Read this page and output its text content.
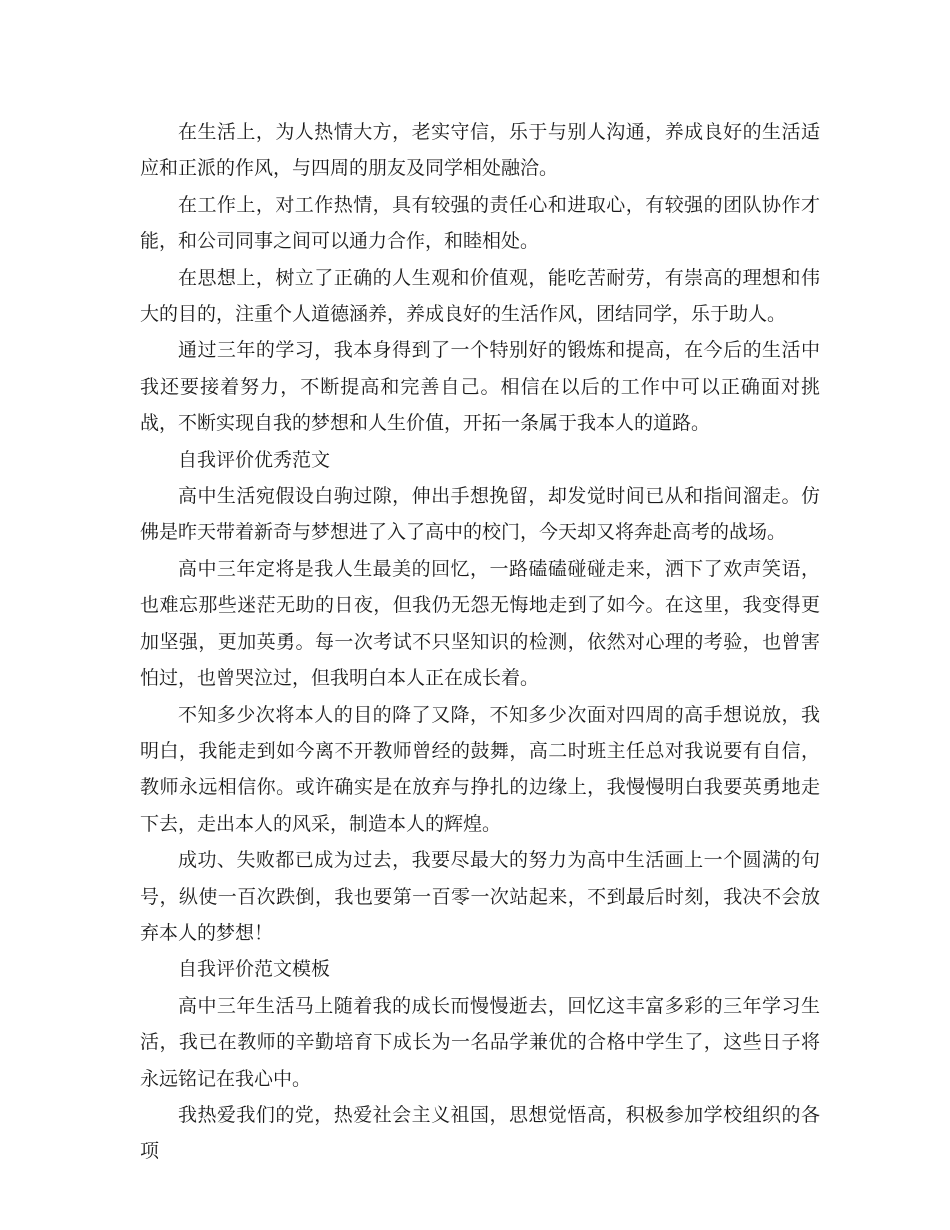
在生活上，为人热情大方，老实守信，乐于与别人沟通，养成良好的生活适应和正派的作风，与四周的朋友及同学相处融洽。

在工作上，对工作热情，具有较强的责任心和进取心，有较强的团队协作才能，和公司同事之间可以通力合作，和睦相处。

在思想上，树立了正确的人生观和价值观，能吃苦耐劳，有崇高的理想和伟大的目的，注重个人道德涵养，养成良好的生活作风，团结同学，乐于助人。

通过三年的学习，我本身得到了一个特别好的锻炼和提高，在今后的生活中我还要接着努力，不断提高和完善自己。相信在以后的工作中可以正确面对挑战，不断实现自我的梦想和人生价值，开拓一条属于我本人的道路。

自我评价优秀范文

高中生活宛假设白驹过隙，伸出手想挽留，却发觉时间已从和指间溜走。仿佛是昨天带着新奇与梦想进了入了高中的校门，今天却又将奔赴高考的战场。

高中三年定将是我人生最美的回忆，一路磕磕碰碰走来，洒下了欢声笑语，也难忘那些迷茫无助的日夜，但我仍无怨无悔地走到了如今。在这里，我变得更加坚强，更加英勇。每一次考试不只坚知识的检测，依然对心理的考验，也曾害怕过，也曾哭泣过，但我明白本人正在成长着。

不知多少次将本人的目的降了又降，不知多少次面对四周的高手想说放，我明白，我能走到如今离不开教师曾经的鼓舞，高二时班主任总对我说要有自信，教师永远相信你。或许确实是在放弃与挣扎的边缘上，我慢慢明白我要英勇地走下去，走出本人的风采，制造本人的辉煌。

成功、失败都已成为过去，我要尽最大的努力为高中生活画上一个圆满的句号，纵使一百次跌倒，我也要第一百零一次站起来，不到最后时刻，我决不会放弃本人的梦想！

自我评价范文模板

高中三年生活马上随着我的成长而慢慢逝去，回忆这丰富多彩的三年学习生活，我已在教师的辛勤培育下成长为一名品学兼优的合格中学生了，这些日子将永远铭记在我心中。

我热爱我们的党，热爱社会主义祖国，思想觉悟高，积极参加学校组织的各项
